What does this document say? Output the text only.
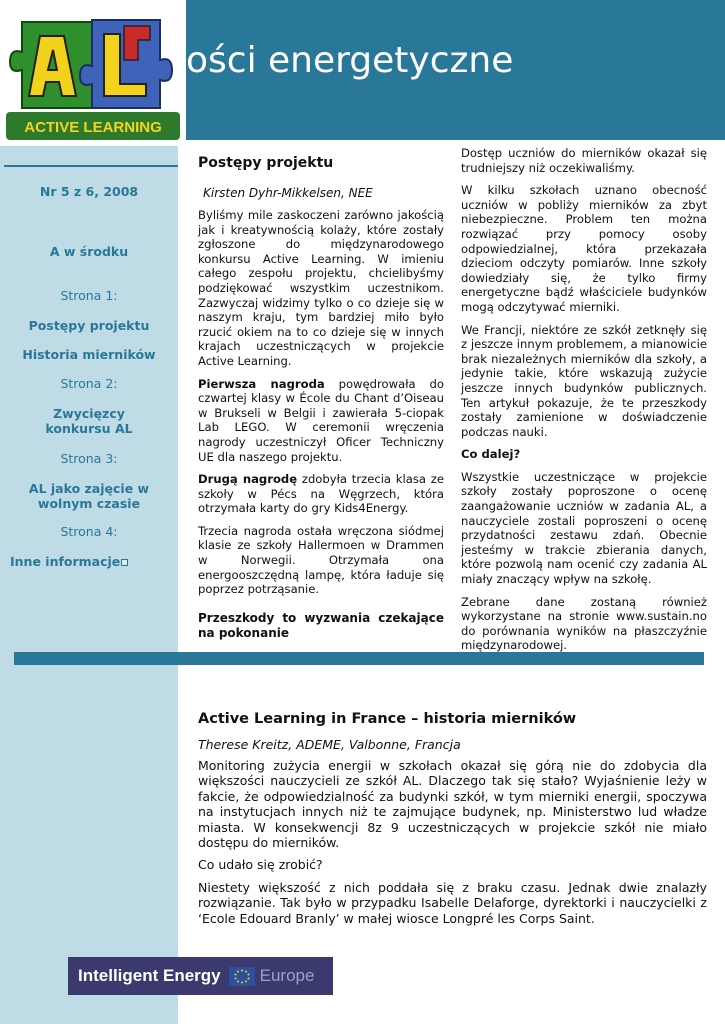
ości energetyczne
ACTIVE LEARNING
Nr 5 z 6, 2008
A w środku
Strona 1:
Postępy projektu
Historia mierników
Strona 2:
Zwycięzcy konkursu AL
Strona 3:
AL jako zajęcie w wolnym czasie
Strona 4:
Inne informacje
Postępy projektu
Kirsten Dyhr-Mikkelsen, NEE

Byliśmy mile zaskoczeni zarówno jakością jak i kreatywnością kolaży, które zostały zgłoszone do międzynarodowego konkursu Active Learning. W imieniu całego zespołu projektu, chcielibyśmy podziękować wszystkim uczestnikom. Zazwyczaj widzimy tylko o co dzieje się w naszym kraju, tym bardziej miło było rzucić okiem na to co dzieje się w innych krajach uczestniczących w projekcie Active Learning.

Pierwsza nagroda powędrowała do czwartej klasy w École du Chant d’Oiseau w Brukseli w Belgii i zawierała 5-ciopak Lab LEGO. W ceremonii wręczenia nagrody uczestniczył Oficer Techniczny UE dla naszego projektu.

Drugą nagrodę zdobyła trzecia klasa ze szkoły w Pécs na Węgrzech, która otrzymała karty do gry Kids4Energy.

Trzecia nagroda ostała wręczona siódmej klasie ze szkoły Hallermoen w Drammen w Norwegii. Otrzymała ona energooszczędną lampę, która ładuje się poprzez potrząsanie.

Przeszkody to wyzwania czekające na pokonanie

Dostęp uczniów do mierników okazał się trudniejszy niż oczekiwaliśmy.

W kilku szkołach uznano obecność uczniów w pobliży mierników za zbyt niebezpieczne. Problem ten można rozwiązać przy pomocy osoby odpowiedzialnej, która przekazała dzieciom odczyty pomiarów. Inne szkoły dowiedziały się, że tylko firmy energetyczne bądź właściciele budynków mogą odczytywać mierniki.

We Francji, niektóre ze szkół zetknęły się z jeszcze innym problemem, a mianowicie brak niezależnych mierników dla szkoły, a jedynie takie, które wskazują zużycie jeszcze innych budynków publicznych. Ten artykuł pokazuje, że te przeszkody zostały zamienione w doświadczenie podczas nauki.

Co dalej?

Wszystkie uczestniczące w projekcie szkoły zostały poproszone o ocenę zaangażowanie uczniów w zadania AL, a nauczyciele zostali poproszeni o ocenę przydatności zestawu zdań. Obecnie jesteśmy w trakcie zbierania danych, które pozwolą nam ocenić czy zadania AL miały znaczący wpływ na szkołę.

Zebrane dane zostaną również wykorzystane na stronie www.sustain.no do porównania wyników na płaszczyźnie międzynarodowej.

Active Learning in France – historia mierników
Therese Kreitz, ADEME, Valbonne, Francja

Monitoring zużycia energii w szkołach okazał się górą nie do zdobycia dla większości nauczycieli ze szkół AL. Dlaczego tak się stało? Wyjaśnienie leży w fakcie, że odpowiedzialność za budynki szkół, w tym mierniki energii, spoczywa na instytucjach innych niż te zajmujące budynek, np. Ministerstwo lud władze miasta. W konsekwencji 8z 9 uczestniczących w projekcie szkół nie miało dostępu do mierników.

Co udało się zrobić?

Niestety większość z nich poddała się z braku czasu. Jednak dwie znalazły rozwiązanie. Tak było w przypadku Isabelle Delaforge, dyrektorki i nauczycielki z ‘Ecole Edouard Branly’ w małej wiosce Longpré les Corps Saint.

Intelligent Energy Europe
